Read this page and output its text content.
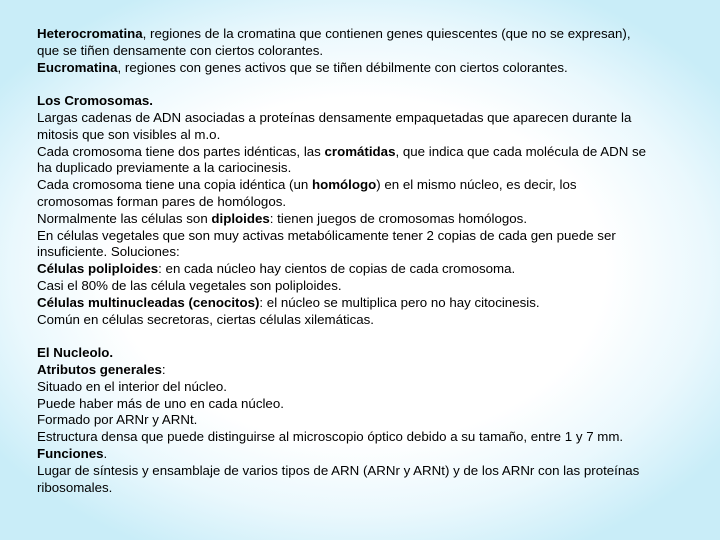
Heterocromatina, regiones de la cromatina que contienen genes quiescentes (que no se expresan),
que se tiñen densamente con ciertos colorantes.
Eucromatina, regiones con genes activos que se tiñen débilmente con ciertos colorantes.
Los Cromosomas.
Largas cadenas de ADN asociadas a proteínas densamente empaquetadas que aparecen durante la
mitosis que son visibles al m.o.
Cada cromosoma tiene dos partes idénticas, las cromátidas, que indica que cada molécula de ADN se
ha duplicado previamente a la cariocinesis.
Cada cromosoma tiene una copia idéntica (un homólogo) en el mismo núcleo, es decir, los
cromosomas forman pares de homólogos.
Normalmente las células son diploides: tienen juegos de cromosomas homólogos.
En células vegetales que son muy activas metabólicamente tener 2 copias de cada gen puede ser
insuficiente. Soluciones:
Células poliploides: en cada núcleo hay cientos de copias de cada cromosoma.
Casi el 80% de las célula vegetales son poliploides.
Células multinucleadas (cenocitos): el núcleo se multiplica pero no hay citocinesis.
Común en células secretoras, ciertas células xilemáticas.
El Nucleolo.
Atributos generales:
Situado en el interior del núcleo.
Puede haber más de uno en cada núcleo.
Formado por ARNr y ARNt.
Estructura densa que puede distinguirse al microscopio óptico debido a su tamaño, entre 1 y 7 mm.
Funciones.
Lugar de síntesis y ensamblaje de varios tipos de ARN (ARNr y ARNt) y de los ARNr con las proteínas
ribosomales.
